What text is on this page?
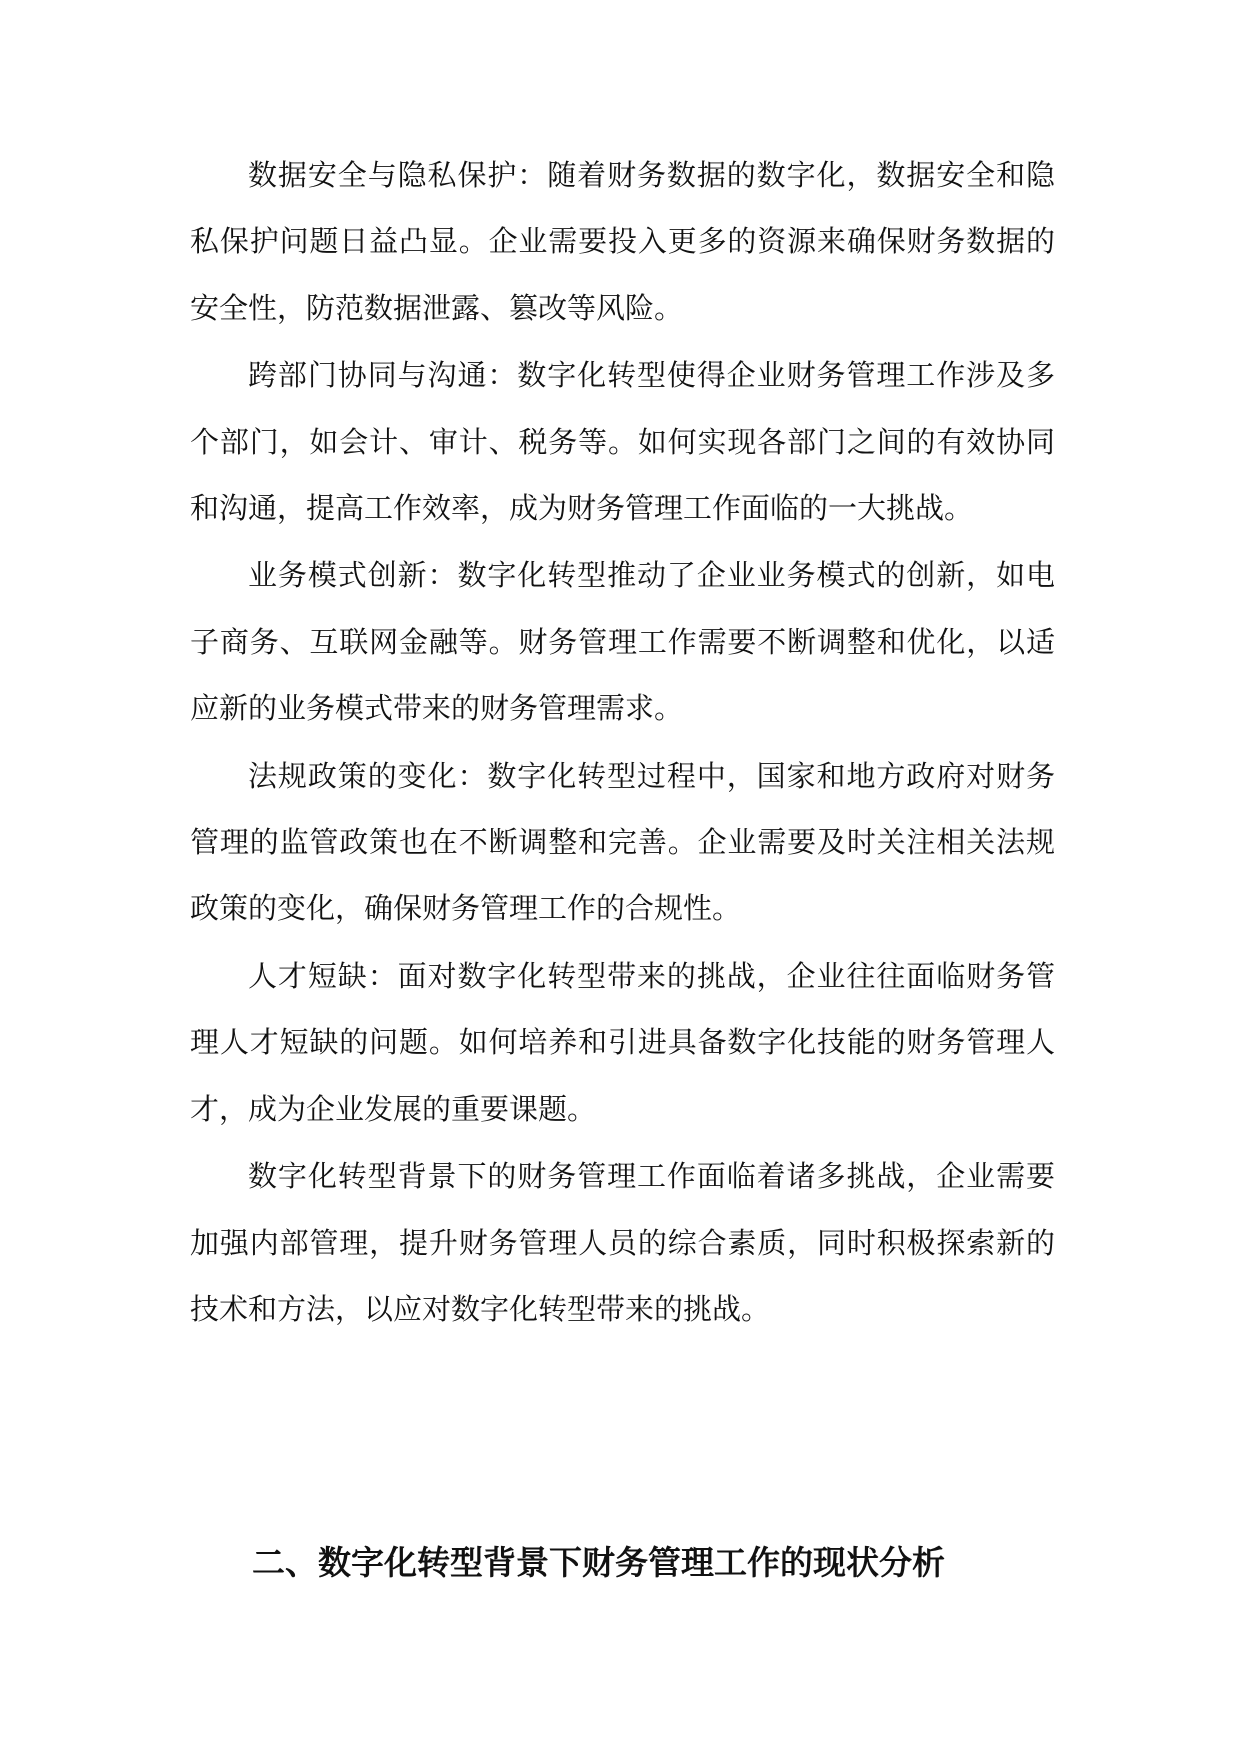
数据安全与隐私保护：随着财务数据的数字化，数据安全和隐私保护问题日益凸显。企业需要投入更多的资源来确保财务数据的安全性，防范数据泄露、篡改等风险。

跨部门协同与沟通：数字化转型使得企业财务管理工作涉及多个部门，如会计、审计、税务等。如何实现各部门之间的有效协同和沟通，提高工作效率，成为财务管理工作面临的一大挑战。

业务模式创新：数字化转型推动了企业业务模式的创新，如电子商务、互联网金融等。财务管理工作需要不断调整和优化，以适应新的业务模式带来的财务管理需求。

法规政策的变化：数字化转型过程中，国家和地方政府对财务管理的监管政策也在不断调整和完善。企业需要及时关注相关法规政策的变化，确保财务管理工作的合规性。

人才短缺：面对数字化转型带来的挑战，企业往往面临财务管理人才短缺的问题。如何培养和引进具备数字化技能的财务管理人才，成为企业发展的重要课题。

数字化转型背景下的财务管理工作面临着诸多挑战，企业需要加强内部管理，提升财务管理人员的综合素质，同时积极探索新的技术和方法，以应对数字化转型带来的挑战。

二、数字化转型背景下财务管理工作的现状分析
